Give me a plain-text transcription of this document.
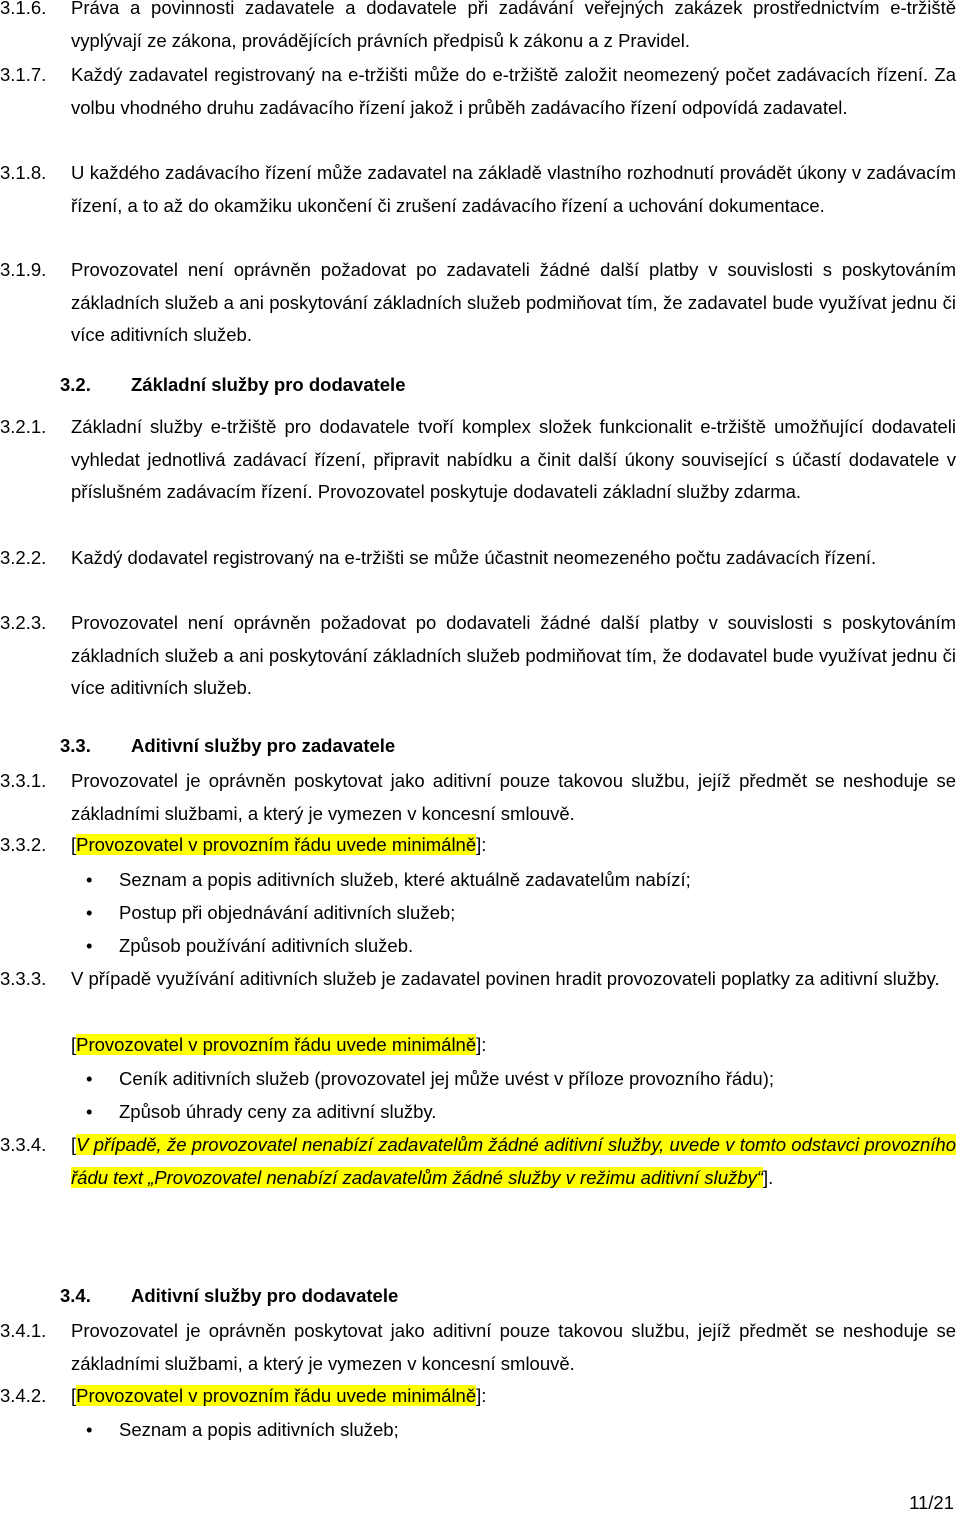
3.1.6. Práva a povinnosti zadavatele a dodavatele při zadávání veřejných zakázek prostřednictvím e-tržiště vyplývají ze zákona, provádějících právních předpisů k zákonu a z Pravidel.
3.1.7. Každý zadavatel registrovaný na e-tržišti může do e-tržiště založit neomezený počet zadávacích řízení. Za volbu vhodného druhu zadávacího řízení jakož i průběh zadávacího řízení odpovídá zadavatel.
3.1.8. U každého zadávacího řízení může zadavatel na základě vlastního rozhodnutí provádět úkony v zadávacím řízení, a to až do okamžiku ukončení či zrušení zadávacího řízení a uchování dokumentace.
3.1.9. Provozovatel není oprávněn požadovat po zadavateli žádné další platby v souvislosti s poskytováním základních služeb a ani poskytování základních služeb podmiňovat tím, že zadavatel bude využívat jednu či více aditivních služeb.
3.2. Základní služby pro dodavatele
3.2.1. Základní služby e-tržiště pro dodavatele tvoří komplex složek funkcionalit e-tržiště umožňující dodavateli vyhledat jednotlivá zadávací řízení, připravit nabídku a činit další úkony související s účastí dodavatele v příslušném zadávacím řízení. Provozovatel poskytuje dodavateli základní služby zdarma.
3.2.2. Každý dodavatel registrovaný na e-tržišti se může účastnit neomezeného počtu zadávacích řízení.
3.2.3. Provozovatel není oprávněn požadovat po dodavateli žádné další platby v souvislosti s poskytováním základních služeb a ani poskytování základních služeb podmiňovat tím, že dodavatel bude využívat jednu či více aditivních služeb.
3.3. Aditivní služby pro zadavatele
3.3.1. Provozovatel je oprávněn poskytovat jako aditivní pouze takovou službu, jejíž předmět se neshoduje se základními službami, a který je vymezen v koncesní smlouvě.
3.3.2. [Provozovatel v provozním řádu uvede minimálně]:
• Seznam a popis aditivních služeb, které aktuálně zadavatelům nabízí;
• Postup při objednávání aditivních služeb;
• Způsob používání aditivních služeb.
3.3.3. V případě využívání aditivních služeb je zadavatel povinen hradit provozovateli poplatky za aditivní služby.
[Provozovatel v provozním řádu uvede minimálně]:
• Ceník aditivních služeb (provozovatel jej může uvést v příloze provozního řádu);
• Způsob úhrady ceny za aditivní služby.
3.3.4. [V případě, že provozovatel nenabízí zadavatelům žádné aditivní služby, uvede v tomto odstavci provozního řádu text „Provozovatel nenabízí zadavatelům žádné služby v režimu aditivní služby“].
3.4. Aditivní služby pro dodavatele
3.4.1. Provozovatel je oprávněn poskytovat jako aditivní pouze takovou službu, jejíž předmět se neshoduje se základními službami, a který je vymezen v koncesní smlouvě.
3.4.2. [Provozovatel v provozním řádu uvede minimálně]:
• Seznam a popis aditivních služeb;
11/21
